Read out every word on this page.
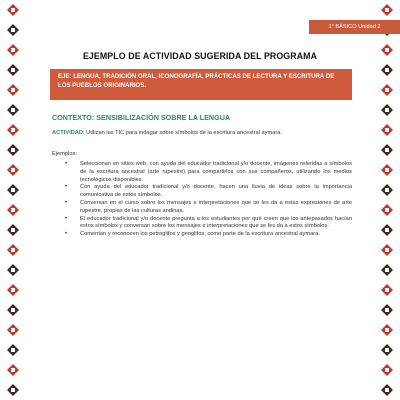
1° BÁSICO Unidad 2
EJEMPLO DE ACTIVIDAD SUGERIDA DEL PROGRAMA
EJE: LENGUA, TRADICIÓN ORAL, ICONOGRAFÍA, PRÁCTICAS DE LECTURA Y ESCRITURA DE LOS PUEBLOS ORIGINARIOS.
CONTEXTO: SENSIBILIZACIÓN SOBRE LA LENGUA
ACTIVIDAD: Utilizan las TIC para indagar sobre símbolos de la escritura ancestral aymara.
Ejemplos:
• Seleccionan en sitios web, con ayuda del educador tradicional y/o docente, imágenes referidas a símbolos de la escritura ancestral (arte rupestre) para compartirlos con sus compañeros, utilizando los medios tecnológicos disponibles.
• Con ayuda del educador tradicional y/o docente, hacen una lluvia de ideas sobre la importancia comunicativa de estos símbolos.
• Conversan en el curso sobre los mensajes e interpretaciones que se les da a estas expresiones de arte rupestre, propias de las culturas andinas.
• El educador tradicional y/o docente pregunta a los estudiantes por qué creen que los antepasados hacían estos símbolos y conversan sobre los mensajes e interpretaciones que se les da a estos símbolos.
• Comentan y reconocen los petroglifos y geoglifos, como parte de la escritura ancestral aymara.
